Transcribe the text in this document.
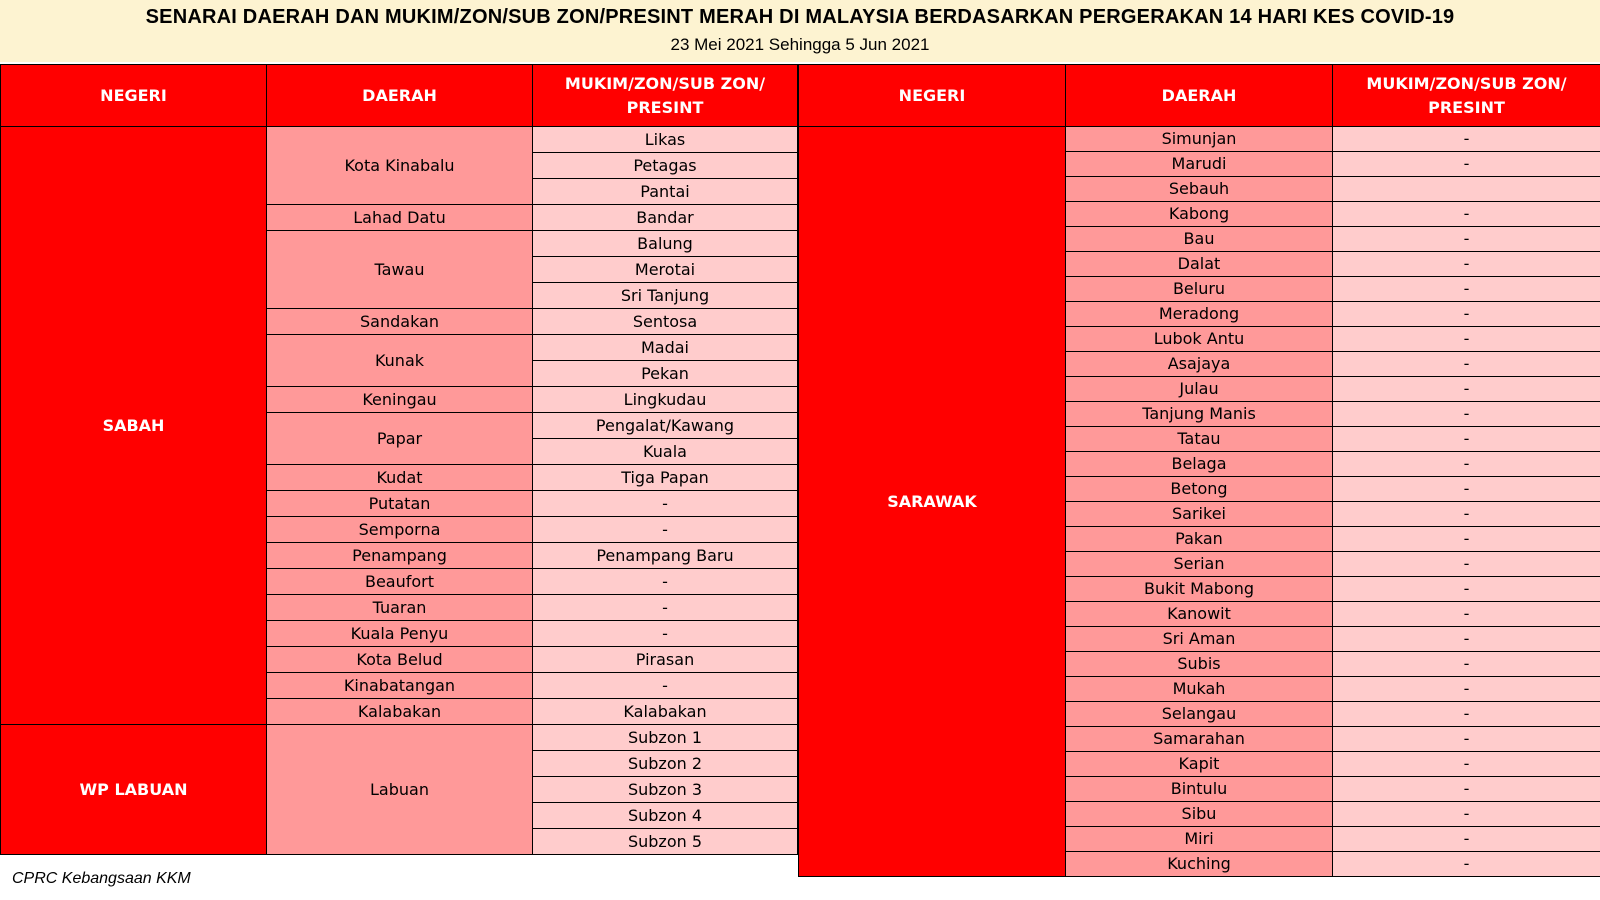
SENARAI DAERAH DAN MUKIM/ZON/SUB ZON/PRESINT MERAH DI MALAYSIA BERDASARKAN PERGERAKAN 14 HARI KES COVID-19
23 Mei 2021 Sehingga 5 Jun 2021
NEGERI	DAERAH	MUKIM/ZON/SUB ZON/ PRESINT
SABAH	Kota Kinabalu	Likas
		Petagas
		Pantai
	Lahad Datu	Bandar
	Tawau	Balung
		Merotai
		Sri Tanjung
	Sandakan	Sentosa
	Kunak	Madai
		Pekan
	Keningau	Lingkudau
	Papar	Pengalat/Kawang
		Kuala
	Kudat	Tiga Papan
	Putatan	-
	Semporna	-
	Penampang	Penampang Baru
	Beaufort	-
	Tuaran	-
	Kuala Penyu	-
	Kota Belud	Pirasan
	Kinabatangan	-
	Kalabakan	Kalabakan
WP LABUAN	Labuan	Subzon 1
		Subzon 2
		Subzon 3
		Subzon 4
		Subzon 5
NEGERI	DAERAH	MUKIM/ZON/SUB ZON/ PRESINT
SARAWAK	Simunjan	-
	Marudi	-
	Sebauh	
	Kabong	-
	Bau	-
	Dalat	-
	Beluru	-
	Meradong	-
	Lubok Antu	-
	Asajaya	-
	Julau	-
	Tanjung Manis	-
	Tatau	-
	Belaga	-
	Betong	-
	Sarikei	-
	Pakan	-
	Serian	-
	Bukit Mabong	-
	Kanowit	-
	Sri Aman	-
	Subis	-
	Mukah	-
	Selangau	-
	Samarahan	-
	Kapit	-
	Bintulu	-
	Sibu	-
	Miri	-
	Kuching	-
CPRC Kebangsaan KKM
